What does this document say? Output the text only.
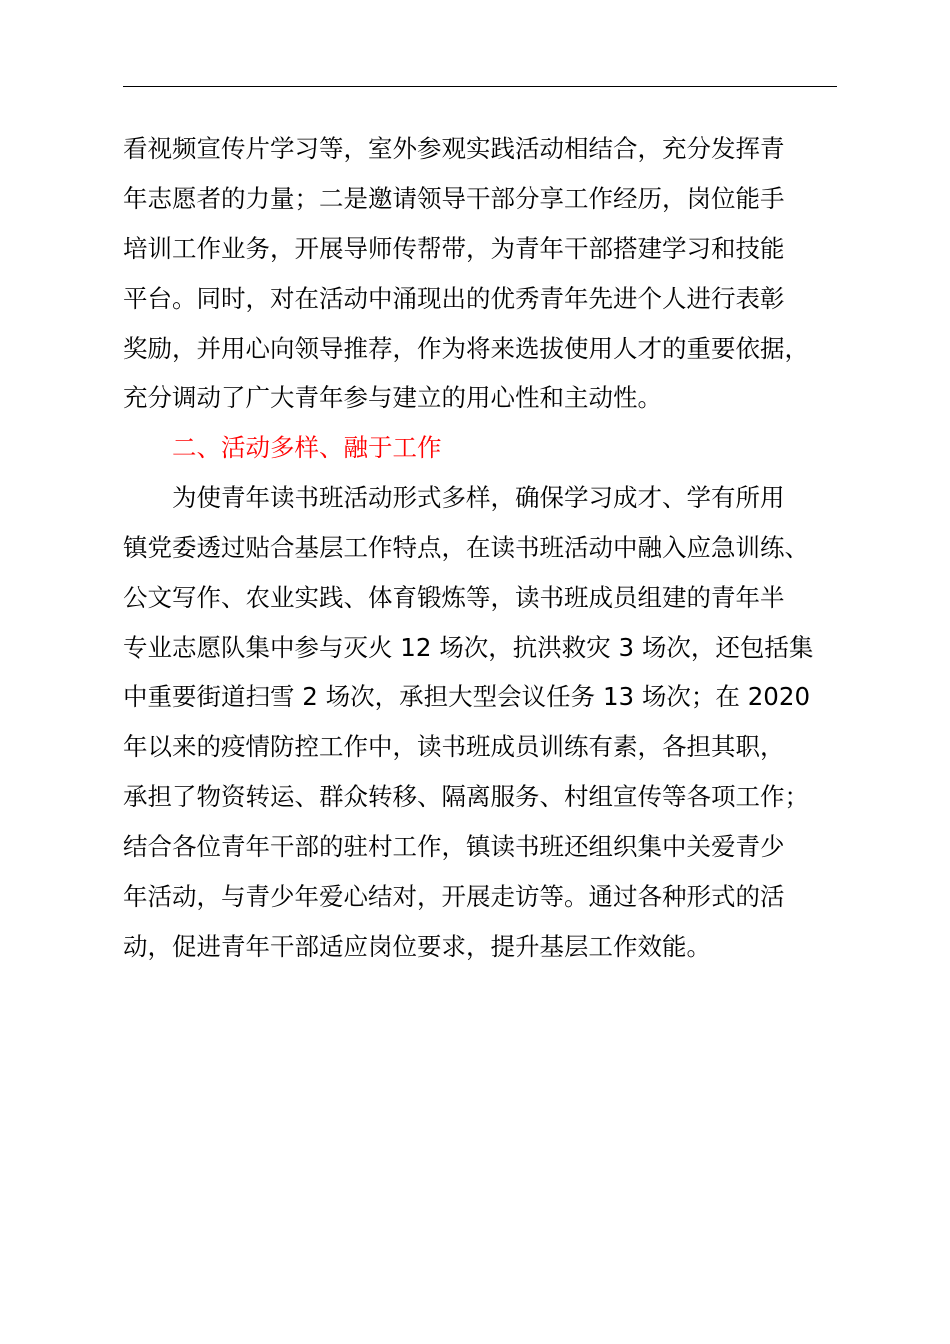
看视频宣传片学习等，室外参观实践活动相结合，充分发挥青
年志愿者的力量；二是邀请领导干部分享工作经历，岗位能手
培训工作业务，开展导师传帮带，为青年干部搭建学习和技能
平台。同时，对在活动中涌现出的优秀青年先进个人进行表彰
奖励，并用心向领导推荐，作为将来选拔使用人才的重要依据，
充分调动了广大青年参与建立的用心性和主动性。
二、活动多样、融于工作
为使青年读书班活动形式多样，确保学习成才、学有所用
镇党委透过贴合基层工作特点，在读书班活动中融入应急训练、
公文写作、农业实践、体育锻炼等，读书班成员组建的青年半
专业志愿队集中参与灭火 12 场次，抗洪救灾 3 场次，还包括集
中重要街道扫雪 2 场次，承担大型会议任务 13 场次；在 2020
年以来的疫情防控工作中，读书班成员训练有素，各担其职，
承担了物资转运、群众转移、隔离服务、村组宣传等各项工作；
结合各位青年干部的驻村工作，镇读书班还组织集中关爱青少
年活动，与青少年爱心结对，开展走访等。通过各种形式的活
动，促进青年干部适应岗位要求，提升基层工作效能。
